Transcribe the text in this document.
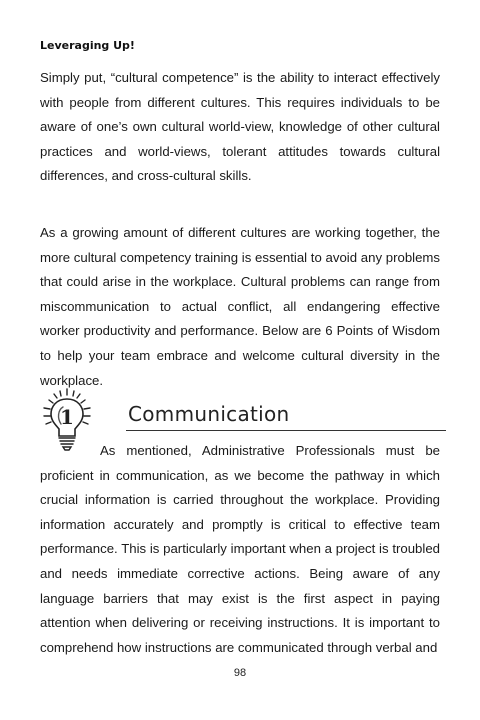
Leveraging Up!

Simply put, “cultural competence” is the ability to interact effectively with people from different cultures. This requires individuals to be aware of one’s own cultural world-view, knowledge of other cultural practices and world-views, tolerant attitudes towards cultural differences, and cross-cultural skills.

As a growing amount of different cultures are working together, the more cultural competency training is essential to avoid any problems that could arise in the workplace. Cultural problems can range from miscommunication to actual conflict, all endangering effective worker productivity and performance. Below are 6 Points of Wisdom to help your team embrace and welcome cultural diversity in the workplace.

1	Communication

As mentioned, Administrative Professionals must be proficient in communication, as we become the pathway in which crucial information is carried throughout the workplace. Providing information accurately and promptly is critical to effective team performance. This is particularly important when a project is troubled and needs immediate corrective actions. Being aware of any language barriers that may exist is the first aspect in paying attention when delivering or receiving instructions. It is important to comprehend how instructions are communicated through verbal and

98
